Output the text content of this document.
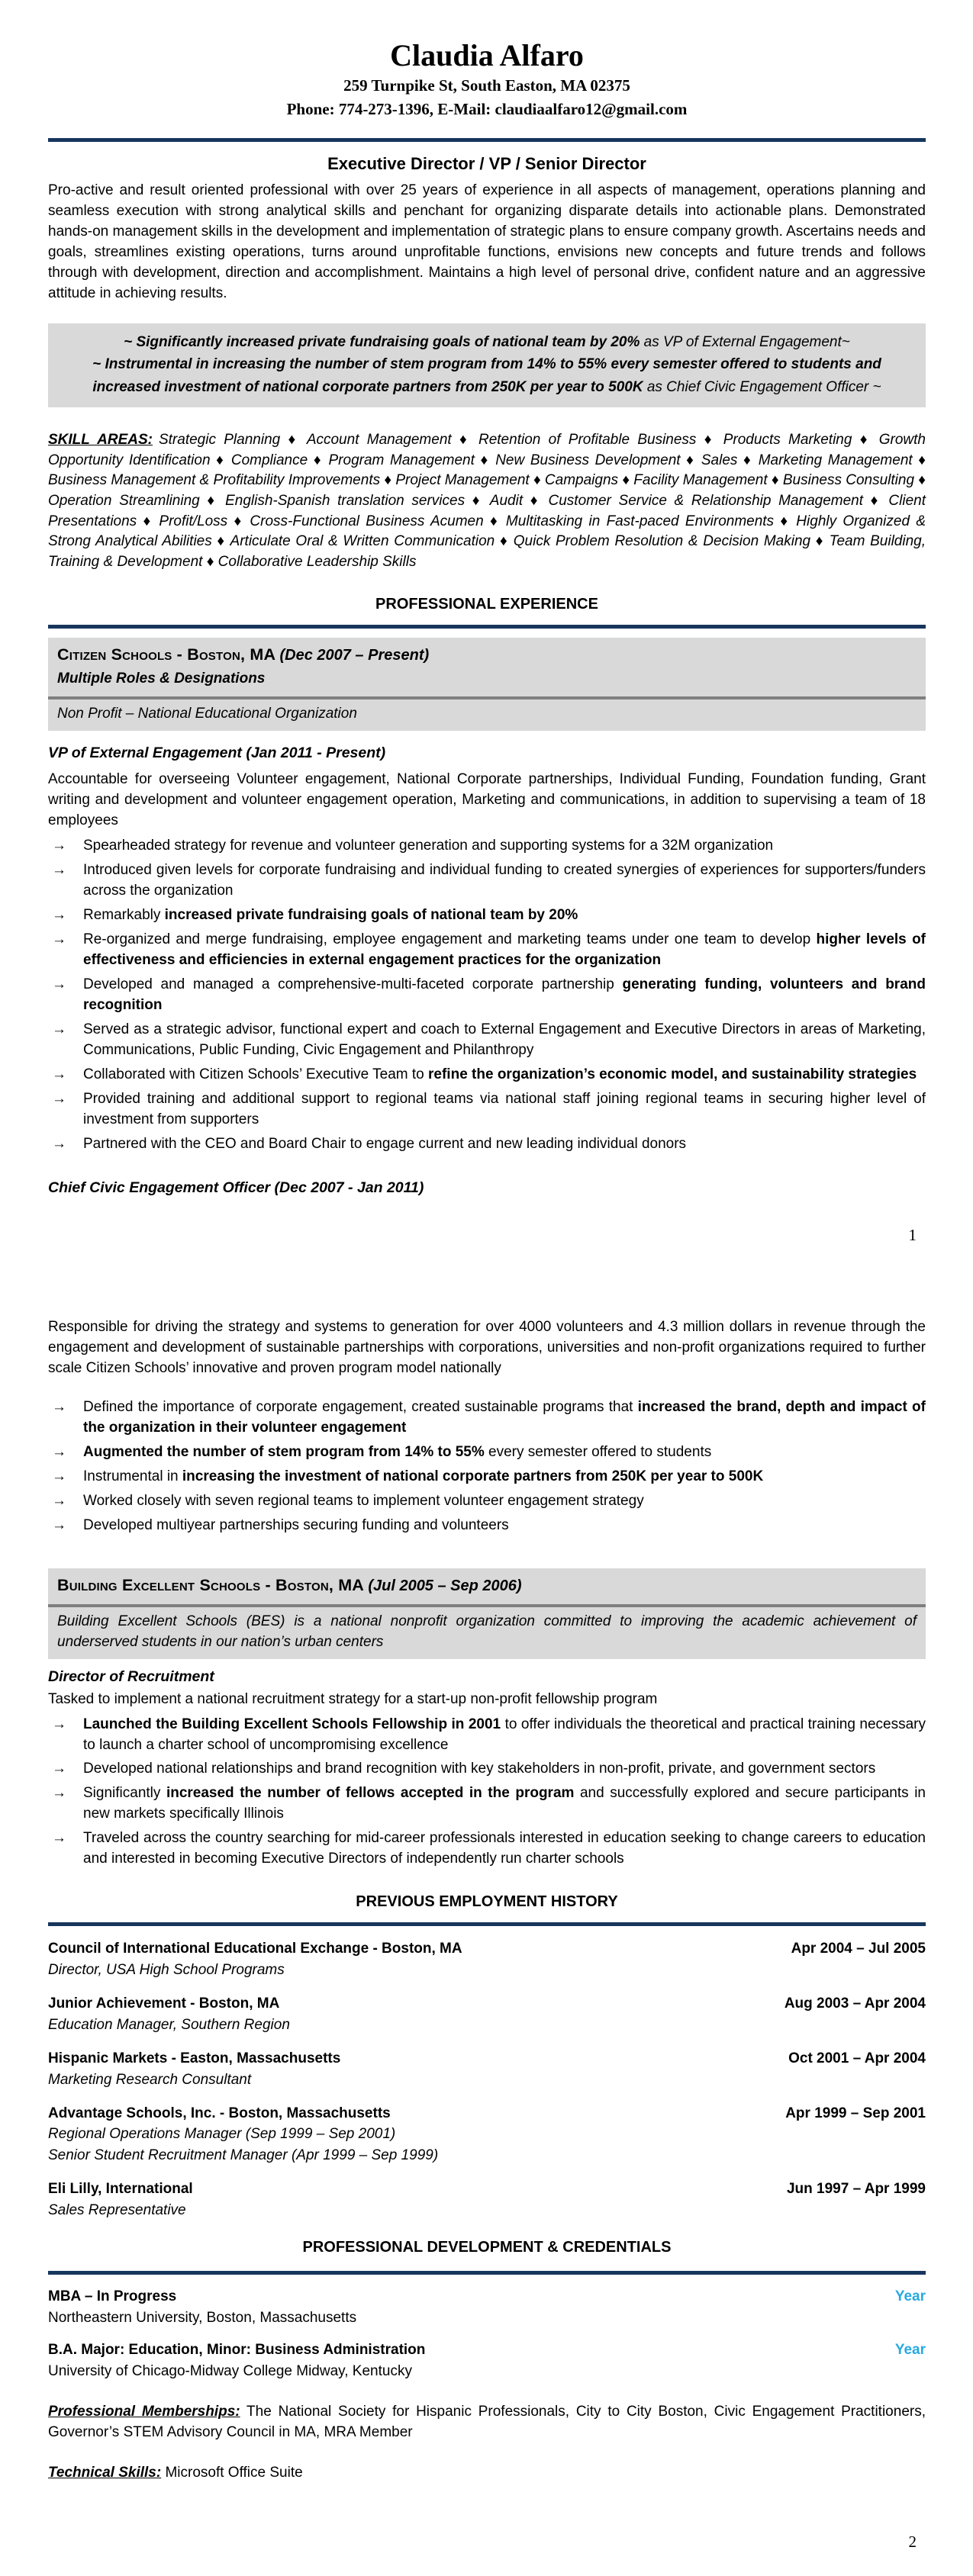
Claudia Alfaro

259 Turnpike St, South Easton, MA 02375

Phone: 774-273-1396, E-Mail: claudiaalfaro12@gmail.com

Executive Director / VP / Senior Director

Pro-active and result oriented professional with over 25 years of experience in all aspects of management, operations planning and seamless execution with strong analytical skills and penchant for organizing disparate details into actionable plans. Demonstrated hands-on management skills in the development and implementation of strategic plans to ensure company growth. Ascertains needs and goals, streamlines existing operations, turns around unprofitable functions, envisions new concepts and future trends and follows through with development, direction and accomplishment. Maintains a high level of personal drive, confident nature and an aggressive attitude in achieving results.

~ Significantly increased private fundraising goals of national team by 20% as VP of External Engagement~
~ Instrumental in increasing the number of stem program from 14% to 55% every semester offered to students and increased investment of national corporate partners from 250K per year to 500K as Chief Civic Engagement Officer ~

SKILL AREAS: Strategic Planning ♦ Account Management ♦ Retention of Profitable Business ♦ Products Marketing ♦ Growth Opportunity Identification ♦ Compliance ♦ Program Management ♦ New Business Development ♦ Sales ♦ Marketing Management ♦ Business Management & Profitability Improvements ♦ Project Management ♦ Campaigns ♦ Facility Management ♦ Business Consulting ♦ Operation Streamlining ♦ English-Spanish translation services ♦ Audit ♦ Customer Service & Relationship Management ♦ Client Presentations ♦ Profit/Loss ♦ Cross-Functional Business Acumen ♦ Multitasking in Fast-paced Environments ♦ Highly Organized & Strong Analytical Abilities ♦ Articulate Oral & Written Communication ♦ Quick Problem Resolution & Decision Making ♦ Team Building, Training & Development ♦ Collaborative Leadership Skills

PROFESSIONAL EXPERIENCE
Citizen Schools - Boston, MA (Dec 2007 – Present)
Multiple Roles & Designations

Non Profit – National Educational Organization

VP of External Engagement (Jan 2011 - Present)

Accountable for overseeing Volunteer engagement, National Corporate partnerships, Individual Funding, Foundation funding, Grant writing and development and volunteer engagement operation, Marketing and communications, in addition to supervising a team of 18 employees

→ Spearheaded strategy for revenue and volunteer generation and supporting systems for a 32M organization
→ Introduced given levels for corporate fundraising and individual funding to created synergies of experiences for supporters/funders across the organization
→ Remarkably increased private fundraising goals of national team by 20%
→ Re-organized and merge fundraising, employee engagement and marketing teams under one team to develop higher levels of effectiveness and efficiencies in external engagement practices for the organization
→ Developed and managed a comprehensive-multi-faceted corporate partnership generating funding, volunteers and brand recognition
→ Served as a strategic advisor, functional expert and coach to External Engagement and Executive Directors in areas of Marketing, Communications, Public Funding, Civic Engagement and Philanthropy
→ Collaborated with Citizen Schools’ Executive Team to refine the organization’s economic model, and sustainability strategies
→ Provided training and additional support to regional teams via national staff joining regional teams in securing higher level of investment from supporters
→ Partnered with the CEO and Board Chair to engage current and new leading individual donors

Chief Civic Engagement Officer (Dec 2007 - Jan 2011)

1

Responsible for driving the strategy and systems to generation for over 4000 volunteers and 4.3 million dollars in revenue through the engagement and development of sustainable partnerships with corporations, universities and non-profit organizations required to further scale Citizen Schools’ innovative and proven program model nationally

→ Defined the importance of corporate engagement, created sustainable programs that increased the brand, depth and impact of the organization in their volunteer engagement
→ Augmented the number of stem program from 14% to 55% every semester offered to students
→ Instrumental in increasing the investment of national corporate partners from 250K per year to 500K
→ Worked closely with seven regional teams to implement volunteer engagement strategy
→ Developed multiyear partnerships securing funding and volunteers
Building Excellent Schools - Boston, MA (Jul 2005 – Sep 2006)

Building Excellent Schools (BES) is a national nonprofit organization committed to improving the academic achievement of underserved students in our nation’s urban centers

Director of Recruitment

Tasked to implement a national recruitment strategy for a start-up non-profit fellowship program

→ Launched the Building Excellent Schools Fellowship in 2001 to offer individuals the theoretical and practical training necessary to launch a charter school of uncompromising excellence
→ Developed national relationships and brand recognition with key stakeholders in non-profit, private, and government sectors
→ Significantly increased the number of fellows accepted in the program and successfully explored and secure participants in new markets specifically Illinois
→ Traveled across the country searching for mid-career professionals interested in education seeking to change careers to education and interested in becoming Executive Directors of independently run charter schools
PREVIOUS EMPLOYMENT HISTORY
Council of International Educational Exchange - Boston, MA	Apr 2004 – Jul 2005

Director, USA High School Programs

Junior Achievement - Boston, MA	Aug 2003 – Apr 2004

Education Manager, Southern Region

Hispanic Markets - Easton, Massachusetts	Oct 2001 – Apr 2004

Marketing Research Consultant

Advantage Schools, Inc. - Boston, Massachusetts	Apr 1999 – Sep 2001

Regional Operations Manager (Sep 1999 – Sep 2001)

Senior Student Recruitment Manager (Apr 1999 – Sep 1999)

Eli Lilly, International	Jun 1997 – Apr 1999

Sales Representative

PROFESSIONAL DEVELOPMENT & CREDENTIALS
MBA – In Progress	Year

Northeastern University, Boston, Massachusetts

B.A. Major: Education, Minor: Business Administration	Year

University of Chicago-Midway College Midway, Kentucky

Professional Memberships: The National Society for Hispanic Professionals, City to City Boston, Civic Engagement Practitioners, Governor’s STEM Advisory Council in MA, MRA Member

Technical Skills: Microsoft Office Suite

2
